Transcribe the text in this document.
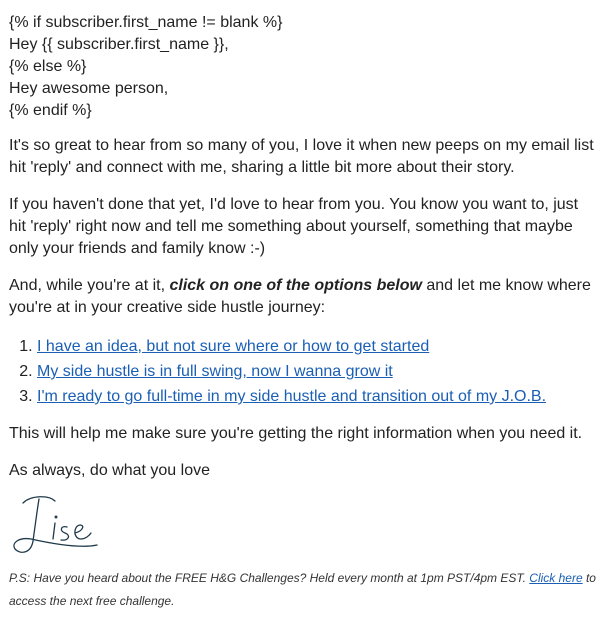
{% if subscriber.first_name != blank %}

Hey {{ subscriber.first_name }},

{% else %}

Hey awesome person,

{% endif %}

It's so great to hear from so many of you, I love it when new peeps on my email list hit 'reply' and connect with me, sharing a little bit more about their story.

If you haven't done that yet, I'd love to hear from you. You know you want to, just hit 'reply' right now and tell me something about yourself, something that maybe only your friends and family know :-)

And, while you're at it, click on one of the options below and let me know where you're at in your creative side hustle journey:

1. I have an idea, but not sure where or how to get started
2. My side hustle is in full swing, now I wanna grow it
3. I'm ready to go full-time in my side hustle and transition out of my J.O.B.

This will help me make sure you're getting the right information when you need it.

As always, do what you love

P.S: Have you heard about the FREE H&G Challenges? Held every month at 1pm PST/4pm EST. Click here to access the next free challenge.
